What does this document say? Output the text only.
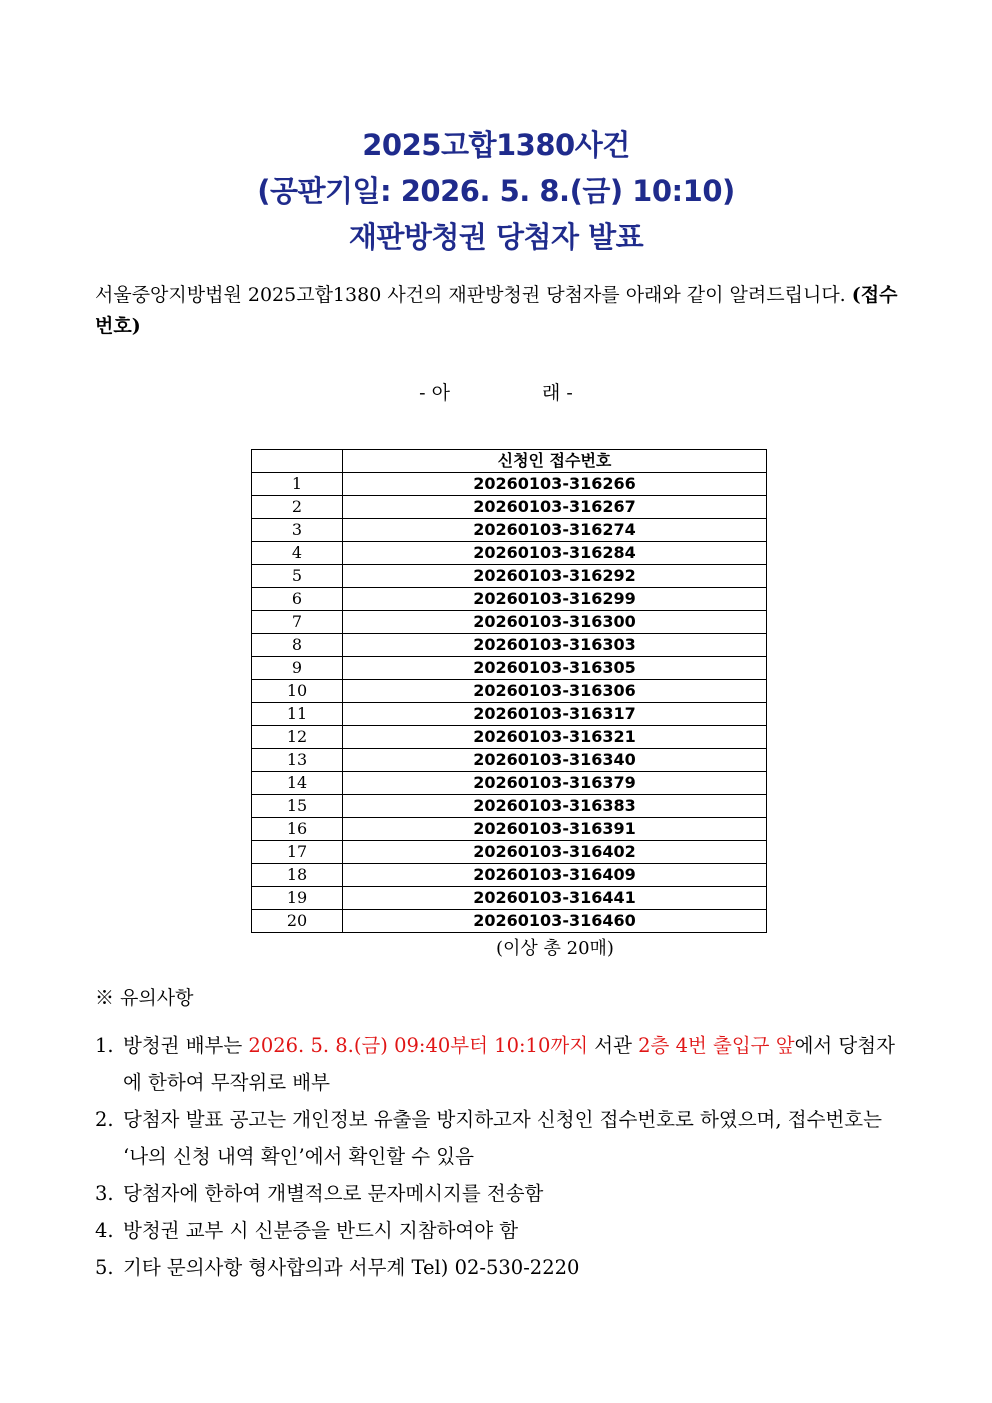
2025고합1380사건
(공판기일: 2026. 5. 8.(금) 10:10)
재판방청권 당첨자 발표
서울중앙지방법원 2025고합1380 사건의 재판방청권 당첨자를 아래와 같이 알려드립니다. (접수번호)
- 아	래 -
	신청인 접수번호
1	20260103-316266
2	20260103-316267
3	20260103-316274
4	20260103-316284
5	20260103-316292
6	20260103-316299
7	20260103-316300
8	20260103-316303
9	20260103-316305
10	20260103-316306
11	20260103-316317
12	20260103-316321
13	20260103-316340
14	20260103-316379
15	20260103-316383
16	20260103-316391
17	20260103-316402
18	20260103-316409
19	20260103-316441
20	20260103-316460
(이상 총 20매)
※ 유의사항

1. 방청권 배부는 2026. 5. 8.(금) 09:40부터 10:10까지 서관 2층 4번 출입구 앞에서 당첨자에 한하여 무작위로 배부

2. 당첨자 발표 공고는 개인정보 유출을 방지하고자 신청인 접수번호로 하였으며, 접수번호는 ‘나의 신청 내역 확인’에서 확인할 수 있음

3. 당첨자에 한하여 개별적으로 문자메시지를 전송함

4. 방청권 교부 시 신분증을 반드시 지참하여야 함

5. 기타 문의사항 형사합의과 서무계 Tel) 02-530-2220
